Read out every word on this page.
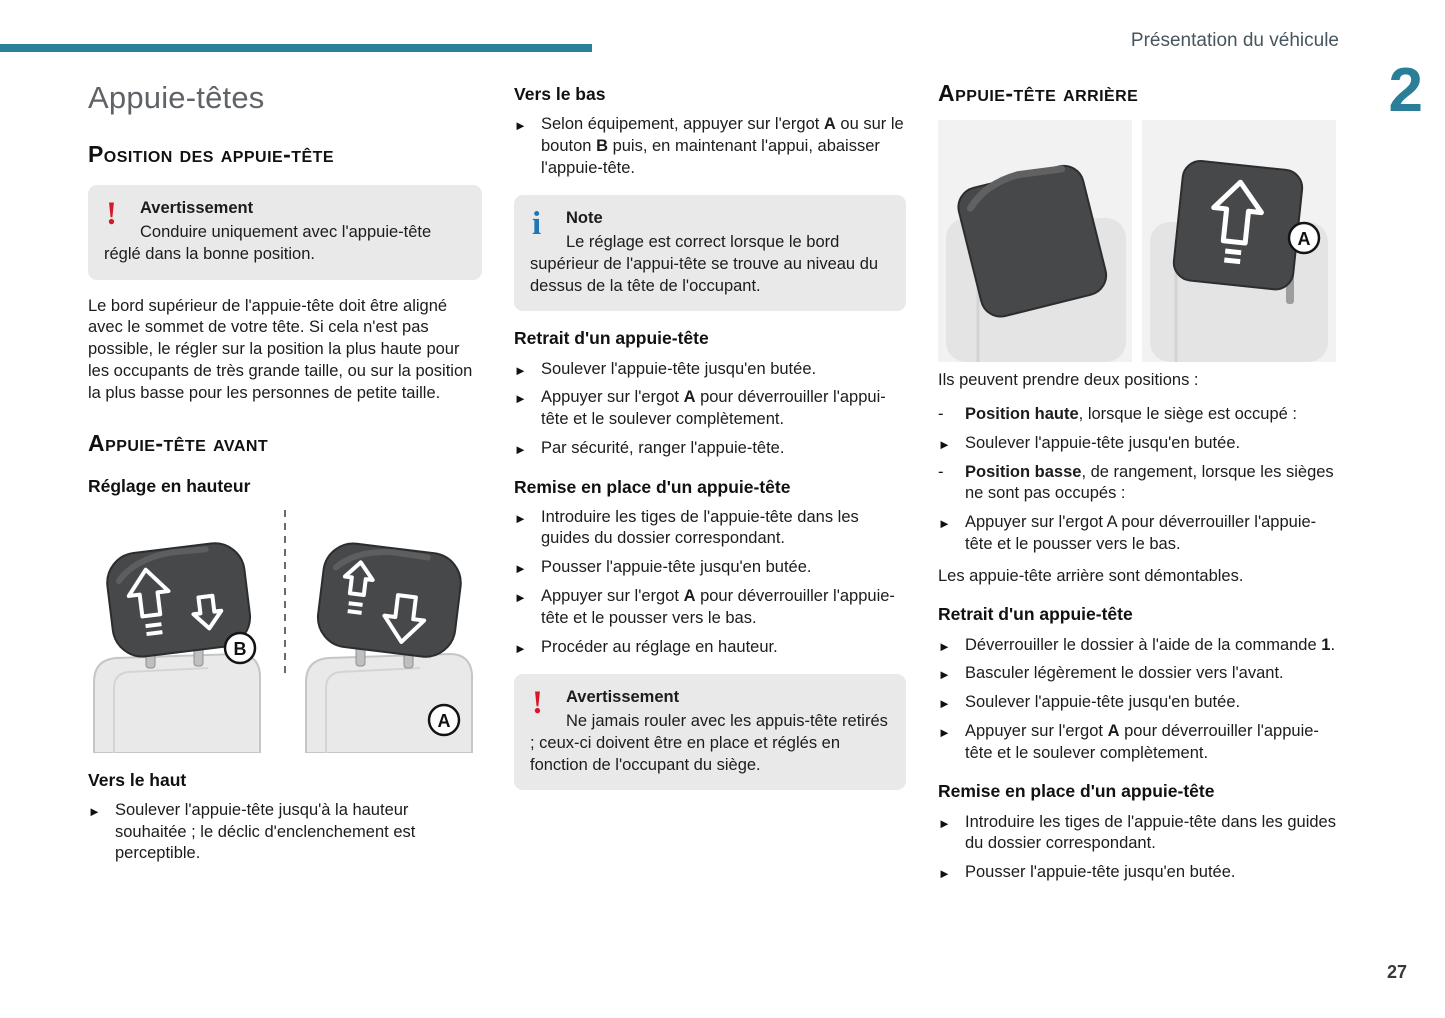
Présentation du véhicule
2
27
Appuie-têtes
Position des appuie-tête
!	Avertissement
Conduire uniquement avec l'appuie-tête réglé dans la bonne position.

Le bord supérieur de l'appuie-tête doit être aligné avec le sommet de votre tête. Si cela n'est pas possible, le régler sur la position la plus haute pour les occupants de très grande taille, ou sur la position la plus basse pour les personnes de petite taille.

Appuie-tête avant
Réglage en hauteur
B
A
Vers le haut
► Soulever l'appuie-tête jusqu'à la hauteur souhaitée ; le déclic d'enclenchement est perceptible.
Vers le bas
► Selon équipement, appuyer sur l'ergot A ou sur le bouton B puis, en maintenant l'appui, abaisser l'appuie-tête.
i	Note
Le réglage est correct lorsque le bord supérieur de l'appui-tête se trouve au niveau du dessus de la tête de l'occupant.
Retrait d'un appuie-tête
► Soulever l'appuie-tête jusqu'en butée.
► Appuyer sur l'ergot A pour déverrouiller l'appui-tête et le soulever complètement.
► Par sécurité, ranger l'appuie-tête.
Remise en place d'un appuie-tête
► Introduire les tiges de l'appuie-tête dans les guides du dossier correspondant.
► Pousser l'appuie-tête jusqu'en butée.
► Appuyer sur l'ergot A pour déverrouiller l'appuie-tête et le pousser vers le bas.
► Procéder au réglage en hauteur.
!	Avertissement
Ne jamais rouler avec les appuis-tête retirés ; ceux-ci doivent être en place et réglés en fonction de l'occupant du siège.
Appuie-tête arrière
A

Ils peuvent prendre deux positions :

-	Position haute, lorsque le siège est occupé :
► Soulever l'appuie-tête jusqu'en butée.
-	Position basse, de rangement, lorsque les sièges ne sont pas occupés :
► Appuyer sur l'ergot A pour déverrouiller l'appuie-tête et le pousser vers le bas.

Les appuie-tête arrière sont démontables.

Retrait d'un appuie-tête
► Déverrouiller le dossier à l'aide de la commande 1.
► Basculer légèrement le dossier vers l'avant.
► Soulever l'appuie-tête jusqu'en butée.
► Appuyer sur l'ergot A pour déverrouiller l'appuie-tête et le soulever complètement.
Remise en place d'un appuie-tête
► Introduire les tiges de l'appuie-tête dans les guides du dossier correspondant.
► Pousser l'appuie-tête jusqu'en butée.
